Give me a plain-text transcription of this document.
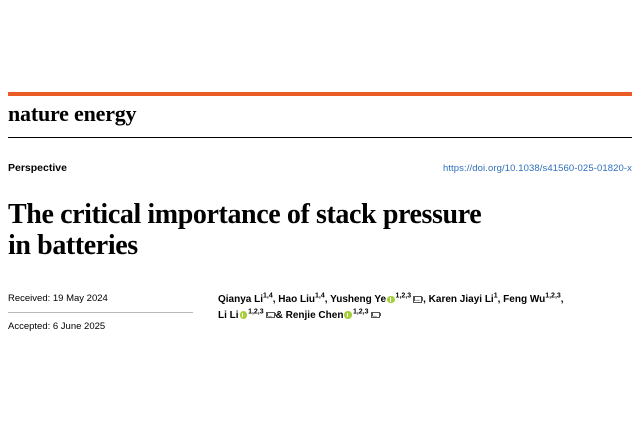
nature energy
Perspective	https://doi.org/10.1038/s41560-025-01820-x
The critical importance of stack pressure
in batteries
Received: 19 May 2024
Accepted: 6 June 2025
Qianya Li$^{1,4}$, Hao Liu$^{1,4}$, Yusheng Ye $^{1,2,3}$ , Karen Jiayi Li$^1$, Feng Wu$^{1,2,3}$,
Li Li $^{1,2,3}$ & Renjie Chen $^{1,2,3}$
